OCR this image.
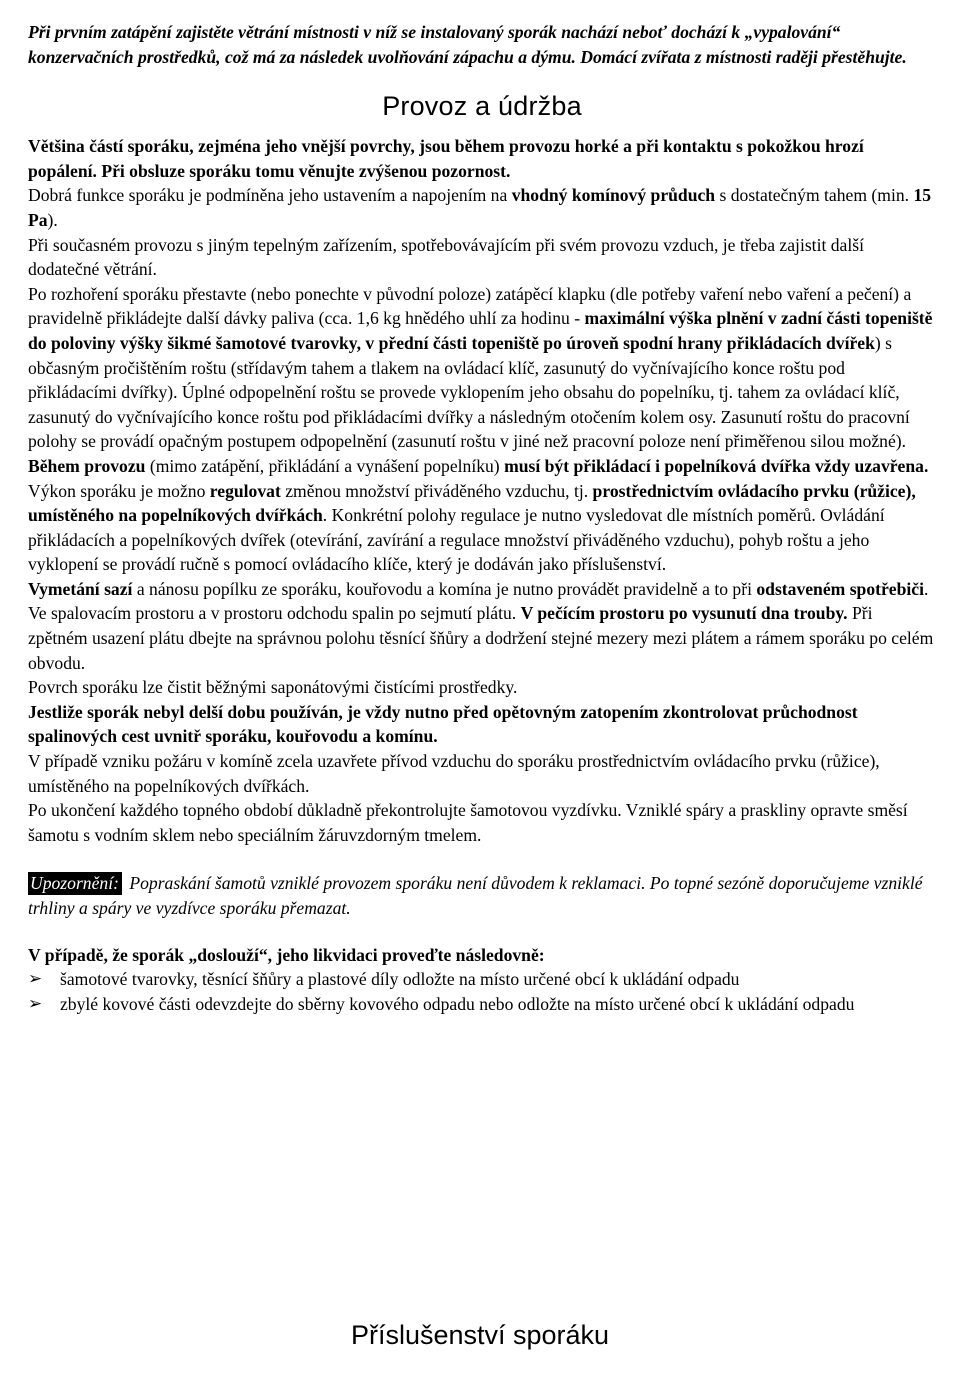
Při prvním zatápění zajistěte větrání místnosti v níž se instalovaný sporák nachází neboť dochází k „vypalování“ konzervačních prostředků, což má za následek uvolňování zápachu a dýmu. Domácí zvířata z místnosti raději přestěhujte.

Provoz a údržba

Většina částí sporáku, zejména jeho vnější povrchy, jsou během provozu horké a při kontaktu s pokožkou hrozí popálení. Při obsluze sporáku tomu věnujte zvýšenou pozornost.

Dobrá funkce sporáku je podmíněna jeho ustavením a napojením na vhodný komínový průduch s dostatečným tahem (min. 15 Pa).

Při současném provozu s jiným tepelným zařízením, spotřebovávajícím při svém provozu vzduch, je třeba zajistit další dodatečné větrání.

Po rozhoření sporáku přestavte (nebo ponechte v původní poloze) zatápěcí klapku (dle potřeby vaření nebo vaření a pečení) a pravidelně přikládejte další dávky paliva (cca. 1,6 kg hnědého uhlí za hodinu - maximální výška plnění v zadní části topeniště do poloviny výšky šikmé šamotové tvarovky, v přední části topeniště po úroveň spodní hrany přikládacích dvířek) s občasným pročištěním roštu (střídavým tahem a tlakem na ovládací klíč, zasunutý do vyčnívajícího konce roštu pod přikládacími dvířky). Úplné odpopelnění roštu se provede vyklopením jeho obsahu do popelníku, tj. tahem za ovládací klíč, zasunutý do vyčnívajícího konce roštu pod přikládacími dvířky a následným otočením kolem osy. Zasunutí roštu do pracovní polohy se provádí opačným postupem odpopelnění (zasunutí roštu v jiné než pracovní poloze není přiměřenou silou možné).

Během provozu (mimo zatápění, přikládání a vynášení popelníku) musí být přikládací i popelníková dvířka vždy uzavřena.

Výkon sporáku je možno regulovat změnou množství přiváděného vzduchu, tj. prostřednictvím ovládacího prvku (růžice), umístěného na popelníkových dvířkách. Konkrétní polohy regulace je nutno vysledovat dle místních poměrů. Ovládání přikládacích a popelníkových dvířek (otevírání, zavírání a regulace množství přiváděného vzduchu), pohyb roštu a jeho vyklopení se provádí ručně s pomocí ovládacího klíče, který je dodáván jako příslušenství.

Vymetání sazí a nánosu popílku ze sporáku, kouřovodu a komína je nutno provádět pravidelně a to při odstaveném spotřebiči. Ve spalovacím prostoru a v prostoru odchodu spalin po sejmutí plátu. V pečícím prostoru po vysunutí dna trouby. Při zpětném usazení plátu dbejte na správnou polohu těsnící šňůry a dodržení stejné mezery mezi plátem a rámem sporáku po celém obvodu.

Povrch sporáku lze čistit běžnými saponátovými čistícími prostředky.

Jestliže sporák nebyl delší dobu používán, je vždy nutno před opětovným zatopením zkontrolovat průchodnost spalinových cest uvnitř sporáku, kouřovodu a komínu.

V případě vzniku požáru v komíně zcela uzavřete přívod vzduchu do sporáku prostřednictvím ovládacího prvku (růžice), umístěného na popelníkových dvířkách.

Po ukončení každého topného období důkladně překontrolujte šamotovou vyzdívku. Vzniklé spáry a praskliny opravte směsí šamotu s vodním sklem nebo speciálním žáruvzdorným tmelem.

Upozornění: Popraskání šamotů vzniklé provozem sporáku není důvodem k reklamaci. Po topné sezóně doporučujeme vzniklé trhliny a spáry ve vyzdívce sporáku přemazat.

V případě, že sporák „doslouží“, jeho likvidaci proveďte následovně:

➢ šamotové tvarovky, těsnící šňůry a plastové díly odložte na místo určené obcí k ukládání odpadu
➢ zbylé kovové části odevzdejte do sběrny kovového odpadu nebo odložte na místo určené obcí k ukládání odpadu
Příslušenství sporáku
